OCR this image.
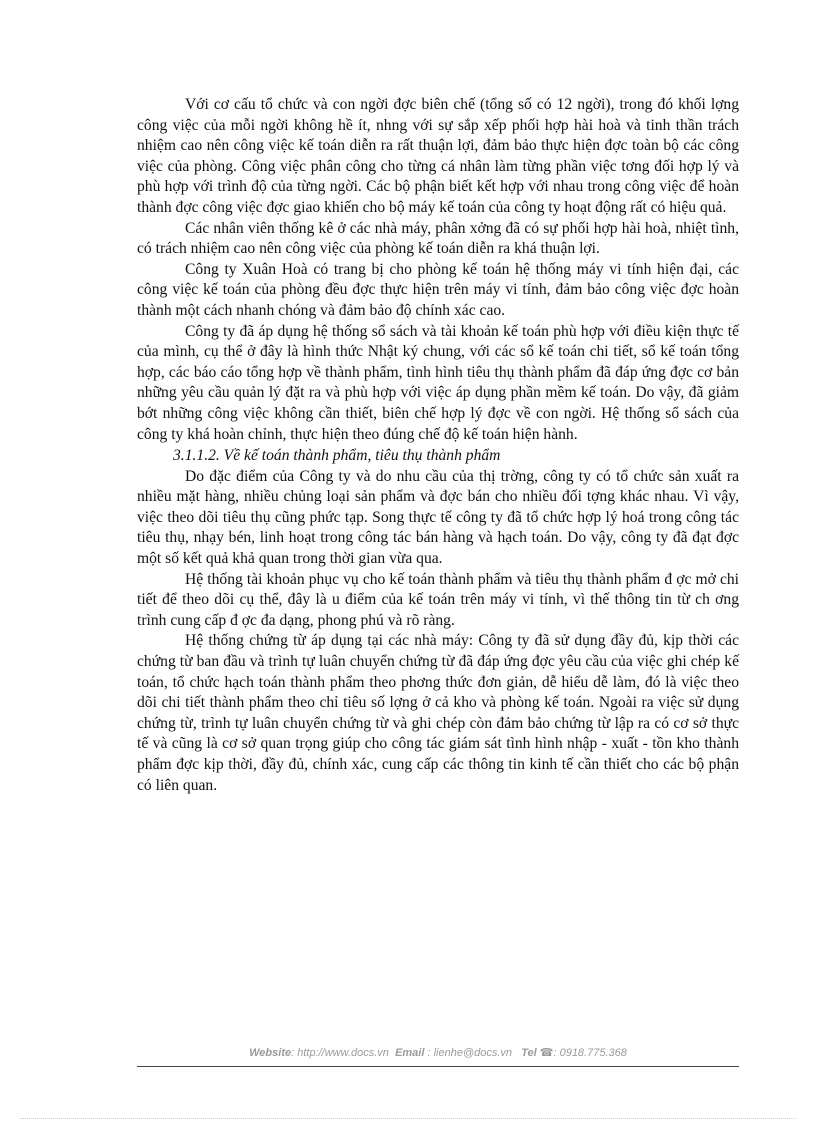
Với cơ cấu tổ chức và con ngời đợc biên chế (tổng số có 12 ngời), trong đó khối lợng công việc của mỗi ngời không hề ít, nhng với sự sắp xếp phối hợp hài hoà và tinh thần trách nhiệm cao nên công việc kế toán diễn ra rất thuận lợi, đảm bảo thực hiện đợc toàn bộ các công việc của phòng. Công việc phân công cho từng cá nhân làm từng phần việc tơng đối hợp lý và phù hợp với trình độ của từng ngời. Các bộ phận biết kết hợp với nhau trong công việc để hoàn thành đợc công việc đợc giao khiến cho bộ máy kế toán của công ty hoạt động rất có hiệu quả.

Các nhân viên thống kê ở các nhà máy, phân xởng đã có sự phối hợp hài hoà, nhiệt tình, có trách nhiệm cao nên công việc của phòng kế toán diễn ra khá thuận lợi.

Công ty Xuân Hoà có trang bị cho phòng kế toán hệ thống máy vi tính hiện đại, các công việc kế toán của phòng đều đợc thực hiện trên máy vi tính, đảm bảo công việc đợc hoàn thành một cách nhanh chóng và đảm bảo độ chính xác cao.

Công ty đã áp dụng hệ thống sổ sách và tài khoản kế toán phù hợp với điều kiện thực tế của mình, cụ thể ở đây là hình thức Nhật ký chung, với các sổ kế toán chi tiết, sổ kế toán tổng hợp, các báo cáo tổng hợp về thành phẩm, tình hình tiêu thụ thành phẩm đã đáp ứng đợc cơ bản những yêu cầu quản lý đặt ra và phù hợp với việc áp dụng phần mềm kế toán. Do vậy, đã giảm bớt những công việc không cần thiết, biên chế hợp lý đợc về con ngời. Hệ thống sổ sách của công ty khá hoàn chỉnh, thực hiện theo đúng chế độ kế toán hiện hành.

3.1.1.2. Về kế toán thành phẩm, tiêu thụ thành phẩm

Do đặc điểm của Công ty và do nhu cầu của thị trờng, công ty có tổ chức sản xuất ra nhiều mặt hàng, nhiều chủng loại sản phẩm và đợc bán cho nhiều đối tợng khác nhau. Vì vậy, việc theo dõi tiêu thụ cũng phức tạp. Song thực tế công ty đã tổ chức hợp lý hoá trong công tác tiêu thụ, nhạy bén, linh hoạt trong công tác bán hàng và hạch toán. Do vậy, công ty đã đạt đợc một số kết quả khả quan trong thời gian vừa qua.

Hệ thống tài khoản phục vụ cho kế toán thành phẩm và tiêu thụ thành phẩm đ ợc mở chi tiết để theo dõi cụ thể, đây là u điểm của kế toán trên máy vi tính, vì thế thông tin từ ch ơng trình cung cấp đ ợc đa dạng, phong phú và rõ ràng.

Hệ thống chứng từ áp dụng tại các nhà máy: Công ty đã sử dụng đầy đủ, kịp thời các chứng từ ban đầu và trình tự luân chuyển chứng từ đã đáp ứng đợc yêu cầu của việc ghi chép kế toán, tổ chức hạch toán thành phẩm theo phơng thức đơn giản, dễ hiểu dễ làm, đó là việc theo dõi chi tiết thành phẩm theo chỉ tiêu số lợng ở cả kho và phòng kế toán. Ngoài ra việc sử dụng chứng từ, trình tự luân chuyển chứng từ và ghi chép còn đảm bảo chứng từ lập ra có cơ sở thực tế và cũng là cơ sở quan trọng giúp cho công tác giám sát tình hình nhập - xuất - tồn kho thành phẩm đợc kịp thời, đầy đủ, chính xác, cung cấp các thông tin kinh tế cần thiết cho các bộ phận có liên quan.

Website: http://www.docs.vn Email : lienhe@docs.vn Tel ☎: 0918.775.368
